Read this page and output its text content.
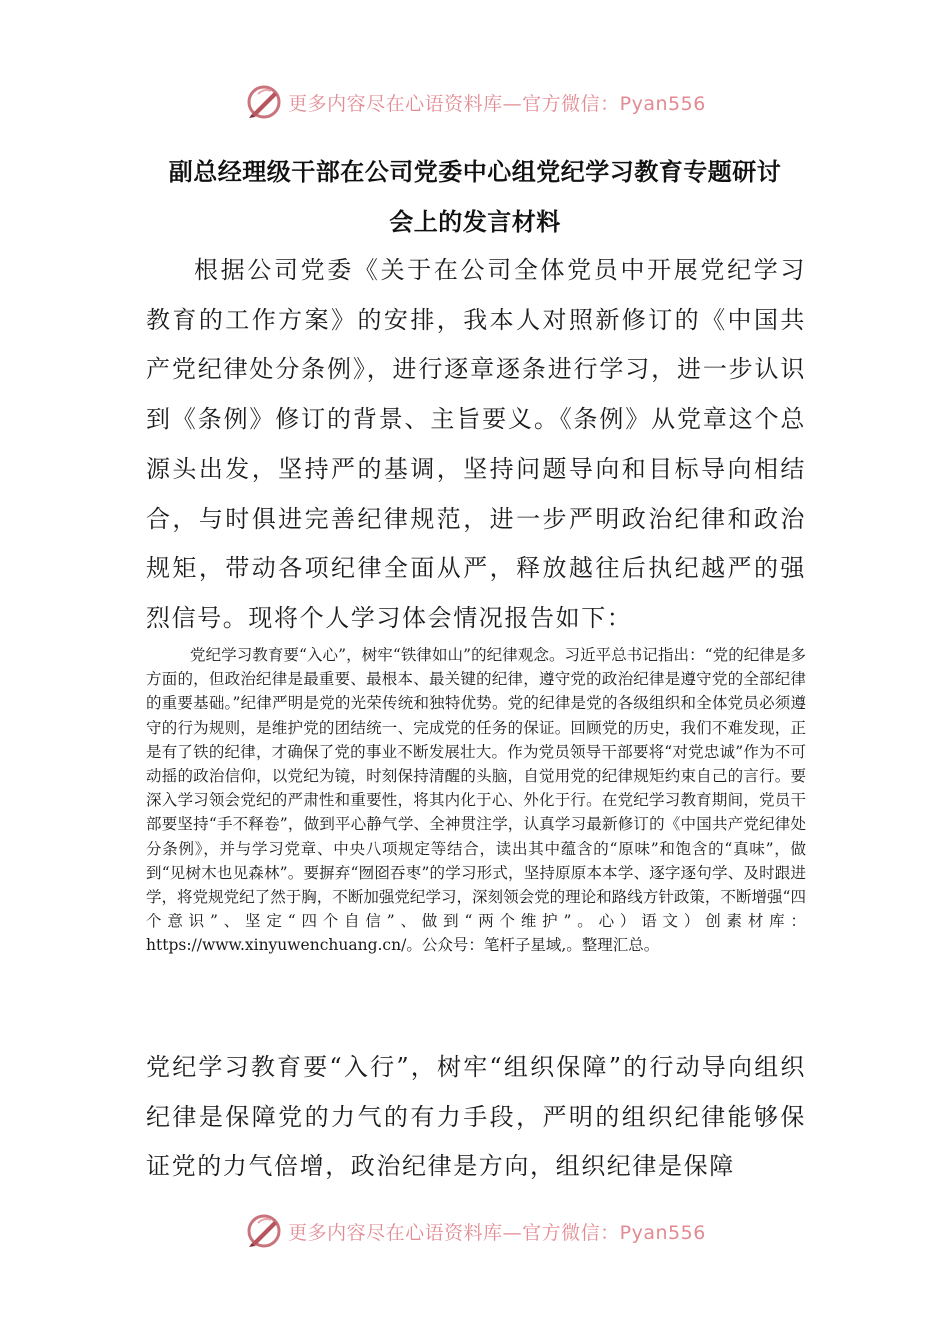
更多内容尽在心语资料库—官方微信：Pyan556
副总经理级干部在公司党委中心组党纪学习教育专题研讨
会上的发言材料

根据公司党委《关于在公司全体党员中开展党纪学习教育的工作方案》的安排，我本人对照新修订的《中国共产党纪律处分条例》，进行逐章逐条进行学习，进一步认识到《条例》修订的背景、主旨要义。《条例》从党章这个总源头出发，坚持严的基调，坚持问题导向和目标导向相结合，与时俱进完善纪律规范，进一步严明政治纪律和政治规矩，带动各项纪律全面从严，释放越往后执纪越严的强烈信号。现将个人学习体会情况报告如下：

党纪学习教育要“入心”，树牢“铁律如山”的纪律观念。习近平总书记指出：“党的纪律是多方面的，但政治纪律是最重要、最根本、最关键的纪律，遵守党的政治纪律是遵守党的全部纪律的重要基础。”纪律严明是党的光荣传统和独特优势。党的纪律是党的各级组织和全体党员必须遵守的行为规则，是维护党的团结统一、完成党的任务的保证。回顾党的历史，我们不难发现，正是有了铁的纪律，才确保了党的事业不断发展壮大。作为党员领导干部要将“对党忠诚”作为不可动摇的政治信仰，以党纪为镜，时刻保持清醒的头脑，自觉用党的纪律规矩约束自己的言行。要深入学习领会党纪的严肃性和重要性，将其内化于心、外化于行。在党纪学习教育期间，党员干部要坚持“手不释卷”，做到平心静气学、全神贯注学，认真学习最新修订的《中国共产党纪律处分条例》，并与学习党章、中央八项规定等结合，读出其中蕴含的“原味”和饱含的“真味”，做到“见树木也见森林”。要摒弃“囫囵吞枣”的学习形式，坚持原原本本学、逐字逐句学、及时跟进学，将党规党纪了然于胸，不断加强党纪学习，深刻领会党的理论和路线方针政策，不断增强“四个意识”、坚定“四个自信”、做到“两个维护”。心）语文）创素材库：https://www.xinyuwenchuang.cn/。公众号：笔杆子星域,。整理汇总。

党纪学习教育要“入行”，树牢“组织保障”的行动导向组织纪律是保障党的力气的有力手段，严明的组织纪律能够保证党的力气倍增，政治纪律是方向，组织纪律是保障

更多内容尽在心语资料库—官方微信：Pyan556
